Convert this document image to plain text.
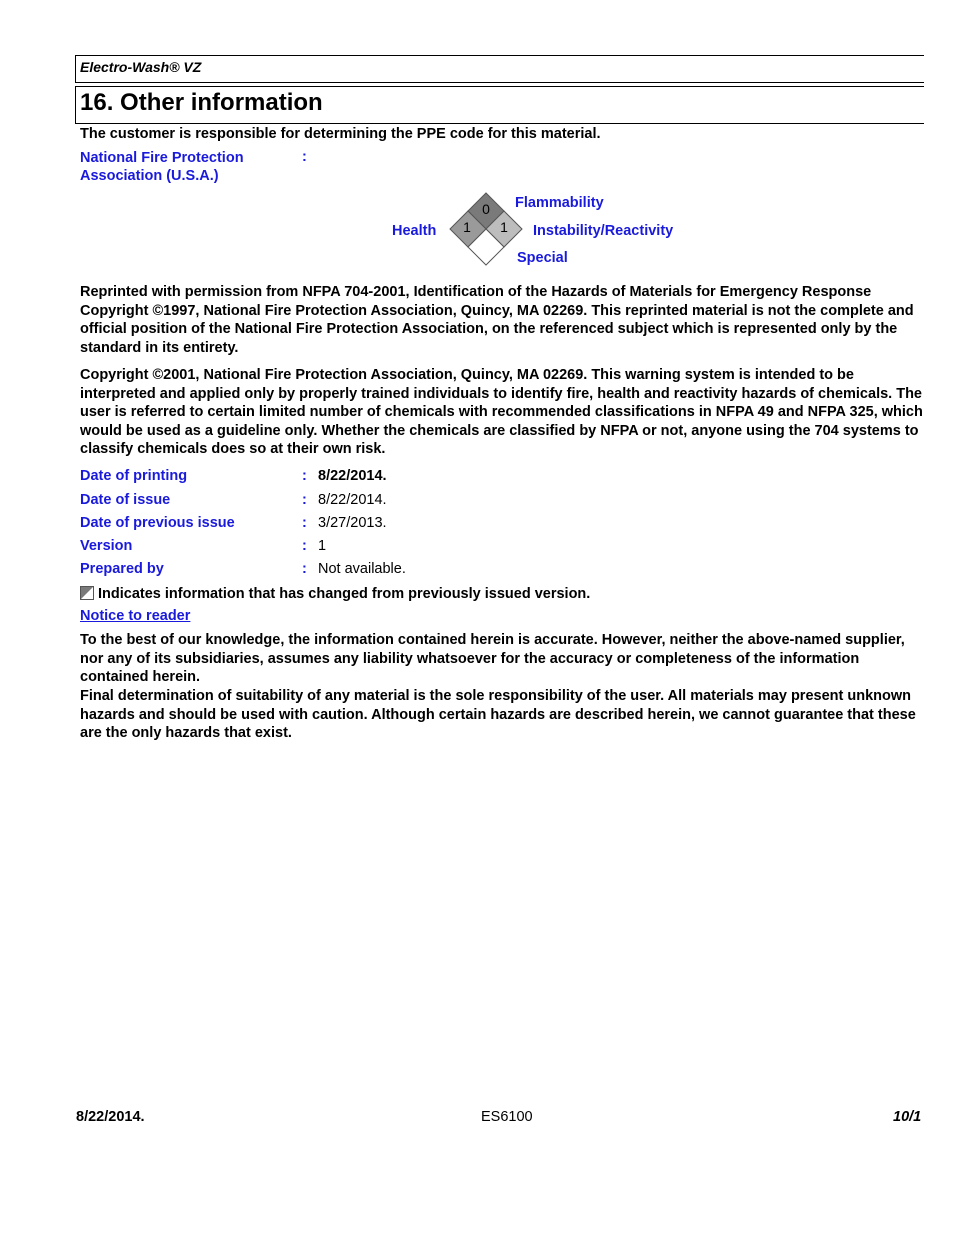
Electro-Wash® VZ
16. Other information
The customer is responsible for determining the PPE code for this material.
National Fire Protection
Association (U.S.A.)
:
Health
Flammability
Instability/Reactivity
Special
0
1 1
Reprinted with permission from NFPA 704-2001, Identification of the Hazards of Materials for Emergency Response Copyright ©1997, National Fire Protection Association, Quincy, MA 02269. This reprinted material is not the complete and official position of the National Fire Protection Association, on the referenced subject which is represented only by the standard in its entirety.
Copyright ©2001, National Fire Protection Association, Quincy, MA 02269. This warning system is intended to be interpreted and applied only by properly trained individuals to identify fire, health and reactivity hazards of chemicals. The user is referred to certain limited number of chemicals with recommended classifications in NFPA 49 and NFPA 325, which would be used as a guideline only. Whether the chemicals are classified by NFPA or not, anyone using the 704 systems to classify chemicals does so at their own risk.
Date of printing	: 8/22/2014.
Date of issue	: 8/22/2014.
Date of previous issue	: 3/27/2013.
Version	: 1
Prepared by	: Not available.
Indicates information that has changed from previously issued version.
Notice to reader
To the best of our knowledge, the information contained herein is accurate. However, neither the above-named supplier, nor any of its subsidiaries, assumes any liability whatsoever for the accuracy or completeness of the information contained herein.
Final determination of suitability of any material is the sole responsibility of the user. All materials may present unknown hazards and should be used with caution. Although certain hazards are described herein, we cannot guarantee that these are the only hazards that exist.
8/22/2014.	ES6100	10/1
